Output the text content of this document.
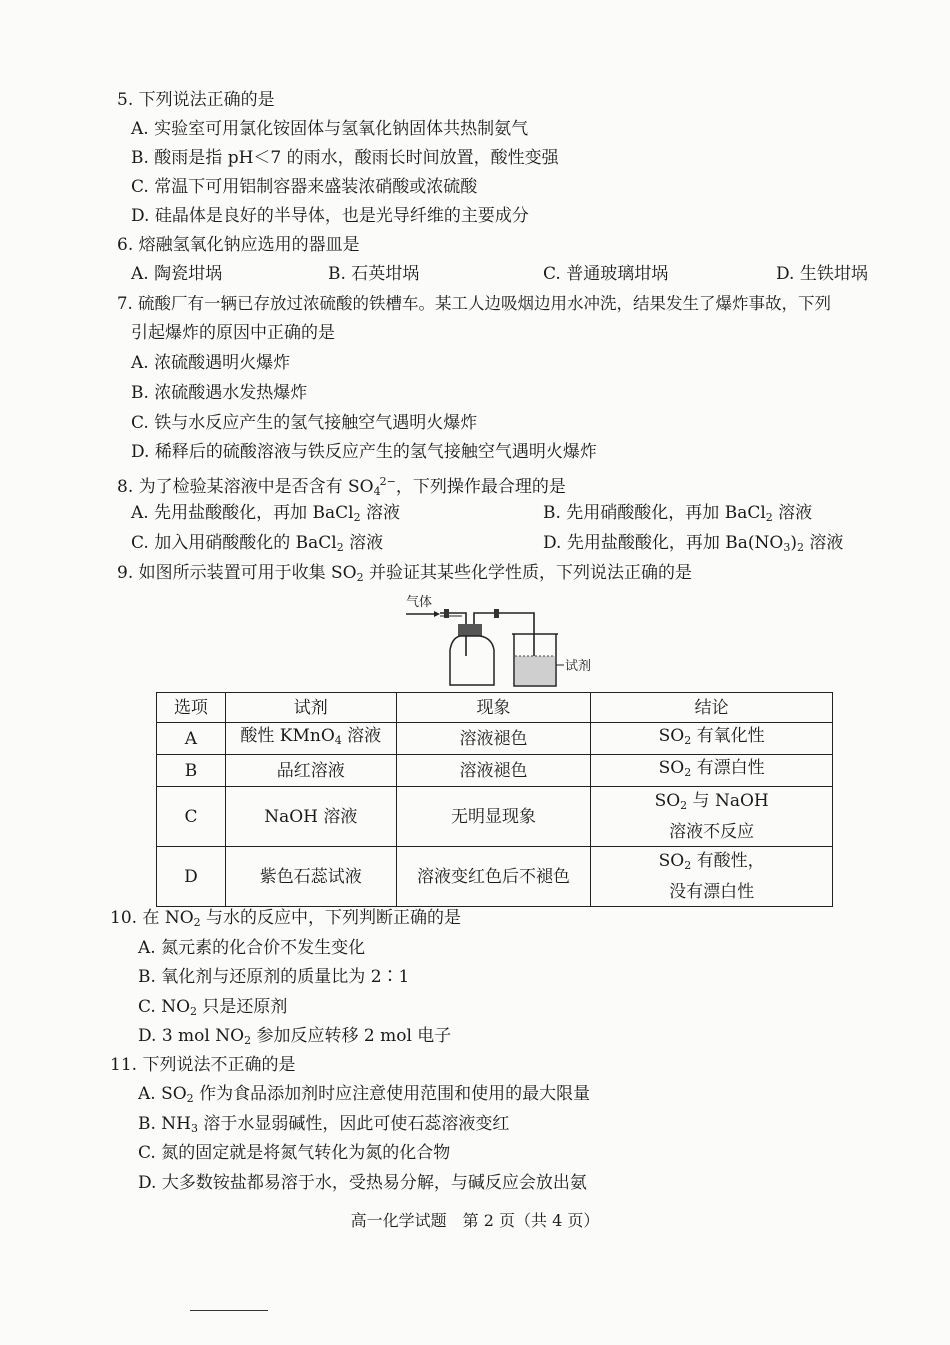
5. 下列说法正确的是
A. 实验室可用氯化铵固体与氢氧化钠固体共热制氨气
B. 酸雨是指 pH＜7 的雨水，酸雨长时间放置，酸性变强
C. 常温下可用铝制容器来盛装浓硝酸或浓硫酸
D. 硅晶体是良好的半导体，也是光导纤维的主要成分
6. 熔融氢氧化钠应选用的器皿是
A. 陶瓷坩埚	B. 石英坩埚	C. 普通玻璃坩埚	D. 生铁坩埚
7. 硫酸厂有一辆已存放过浓硫酸的铁槽车。某工人边吸烟边用水冲洗，结果发生了爆炸事故，下列
引起爆炸的原因中正确的是
A. 浓硫酸遇明火爆炸
B. 浓硫酸遇水发热爆炸
C. 铁与水反应产生的氢气接触空气遇明火爆炸
D. 稀释后的硫酸溶液与铁反应产生的氢气接触空气遇明火爆炸
8. 为了检验某溶液中是否含有 $SO_4^{2-}$，下列操作最合理的是
A. 先用盐酸酸化，再加 BaCl$_2$ 溶液	B. 先用硝酸酸化，再加 BaCl$_2$ 溶液
C. 加入用硝酸酸化的 BaCl$_2$ 溶液	D. 先用盐酸酸化，再加 $Ba(NO_3)_2$ 溶液
9. 如图所示装置可用于收集 $SO_2$ 并验证其某些化学性质，下列说法正确的是
气体
试剂
选项	试剂	现象	结论
A	酸性 KMnO$_4$ 溶液	溶液褪色	$SO_2$ 有氧化性
B	品红溶液	溶液褪色	$SO_2$ 有漂白性
C	NaOH 溶液	无明显现象	$SO_2$ 与 NaOH
溶液不反应
D	紫色石蕊试液	溶液变红色后不褪色	$SO_2$ 有酸性，
没有漂白性
10. 在 $NO_2$ 与水的反应中，下列判断正确的是
A. 氮元素的化合价不发生变化
B. 氧化剂与还原剂的质量比为 2∶1
C. $NO_2$ 只是还原剂
D. 3 mol $NO_2$ 参加反应转移 2 mol 电子
11. 下列说法不正确的是
A. $SO_2$ 作为食品添加剂时应注意使用范围和使用的最大限量
B. $NH_3$ 溶于水显弱碱性，因此可使石蕊溶液变红
C. 氮的固定就是将氮气转化为氮的化合物
D. 大多数铵盐都易溶于水，受热易分解，与碱反应会放出氨
高一化学试题　第 2 页（共 4 页）
